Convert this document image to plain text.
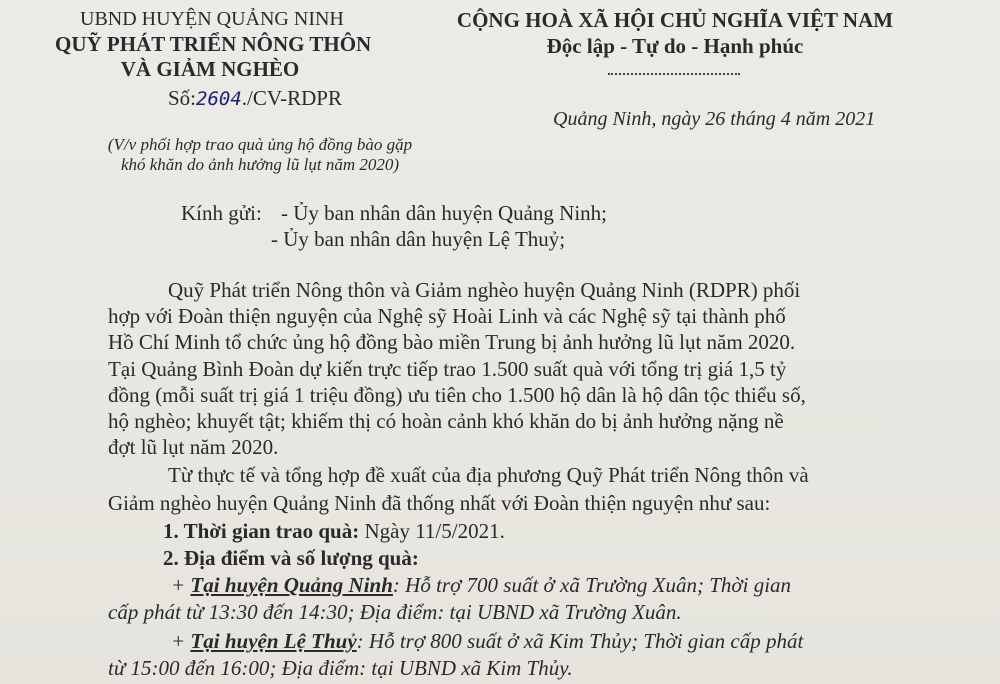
UBND HUYỆN QUẢNG NINH
QUỸ PHÁT TRIỂN NÔNG THÔN
VÀ GIẢM NGHÈO
Số:2604./CV-RDPR
(V/v phối hợp trao quà ủng hộ đồng bào gặp
khó khăn do ảnh hưởng lũ lụt năm 2020)
CỘNG HOÀ XÃ HỘI CHỦ NGHĨA VIỆT NAM
Độc lập - Tự do - Hạnh phúc
Quảng Ninh, ngày 26 tháng 4 năm 2021
Kính gửi: - Ủy ban nhân dân huyện Quảng Ninh;
- Ủy ban nhân dân huyện Lệ Thuỷ;
Quỹ Phát triển Nông thôn và Giảm nghèo huyện Quảng Ninh (RDPR) phối
hợp với Đoàn thiện nguyện của Nghệ sỹ Hoài Linh và các Nghệ sỹ tại thành phố
Hồ Chí Minh tổ chức ủng hộ đồng bào miền Trung bị ảnh hưởng lũ lụt năm 2020.
Tại Quảng Bình Đoàn dự kiến trực tiếp trao 1.500 suất quà với tổng trị giá 1,5 tỷ
đồng (mỗi suất trị giá 1 triệu đồng) ưu tiên cho 1.500 hộ dân là hộ dân tộc thiểu số,
hộ nghèo; khuyết tật; khiếm thị có hoàn cảnh khó khăn do bị ảnh hưởng nặng nề
đợt lũ lụt năm 2020.
Từ thực tế và tổng hợp đề xuất của địa phương Quỹ Phát triển Nông thôn và
Giảm nghèo huyện Quảng Ninh đã thống nhất với Đoàn thiện nguyện như sau:
1. Thời gian trao quà: Ngày 11/5/2021.
2. Địa điểm và số lượng quà:
+ Tại huyện Quảng Ninh: Hỗ trợ 700 suất ở xã Trường Xuân; Thời gian
cấp phát từ 13:30 đến 14:30; Địa điểm: tại UBND xã Trường Xuân.
+ Tại huyện Lệ Thuỷ: Hỗ trợ 800 suất ở xã Kim Thủy; Thời gian cấp phát
từ 15:00 đến 16:00; Địa điểm: tại UBND xã Kim Thủy.
